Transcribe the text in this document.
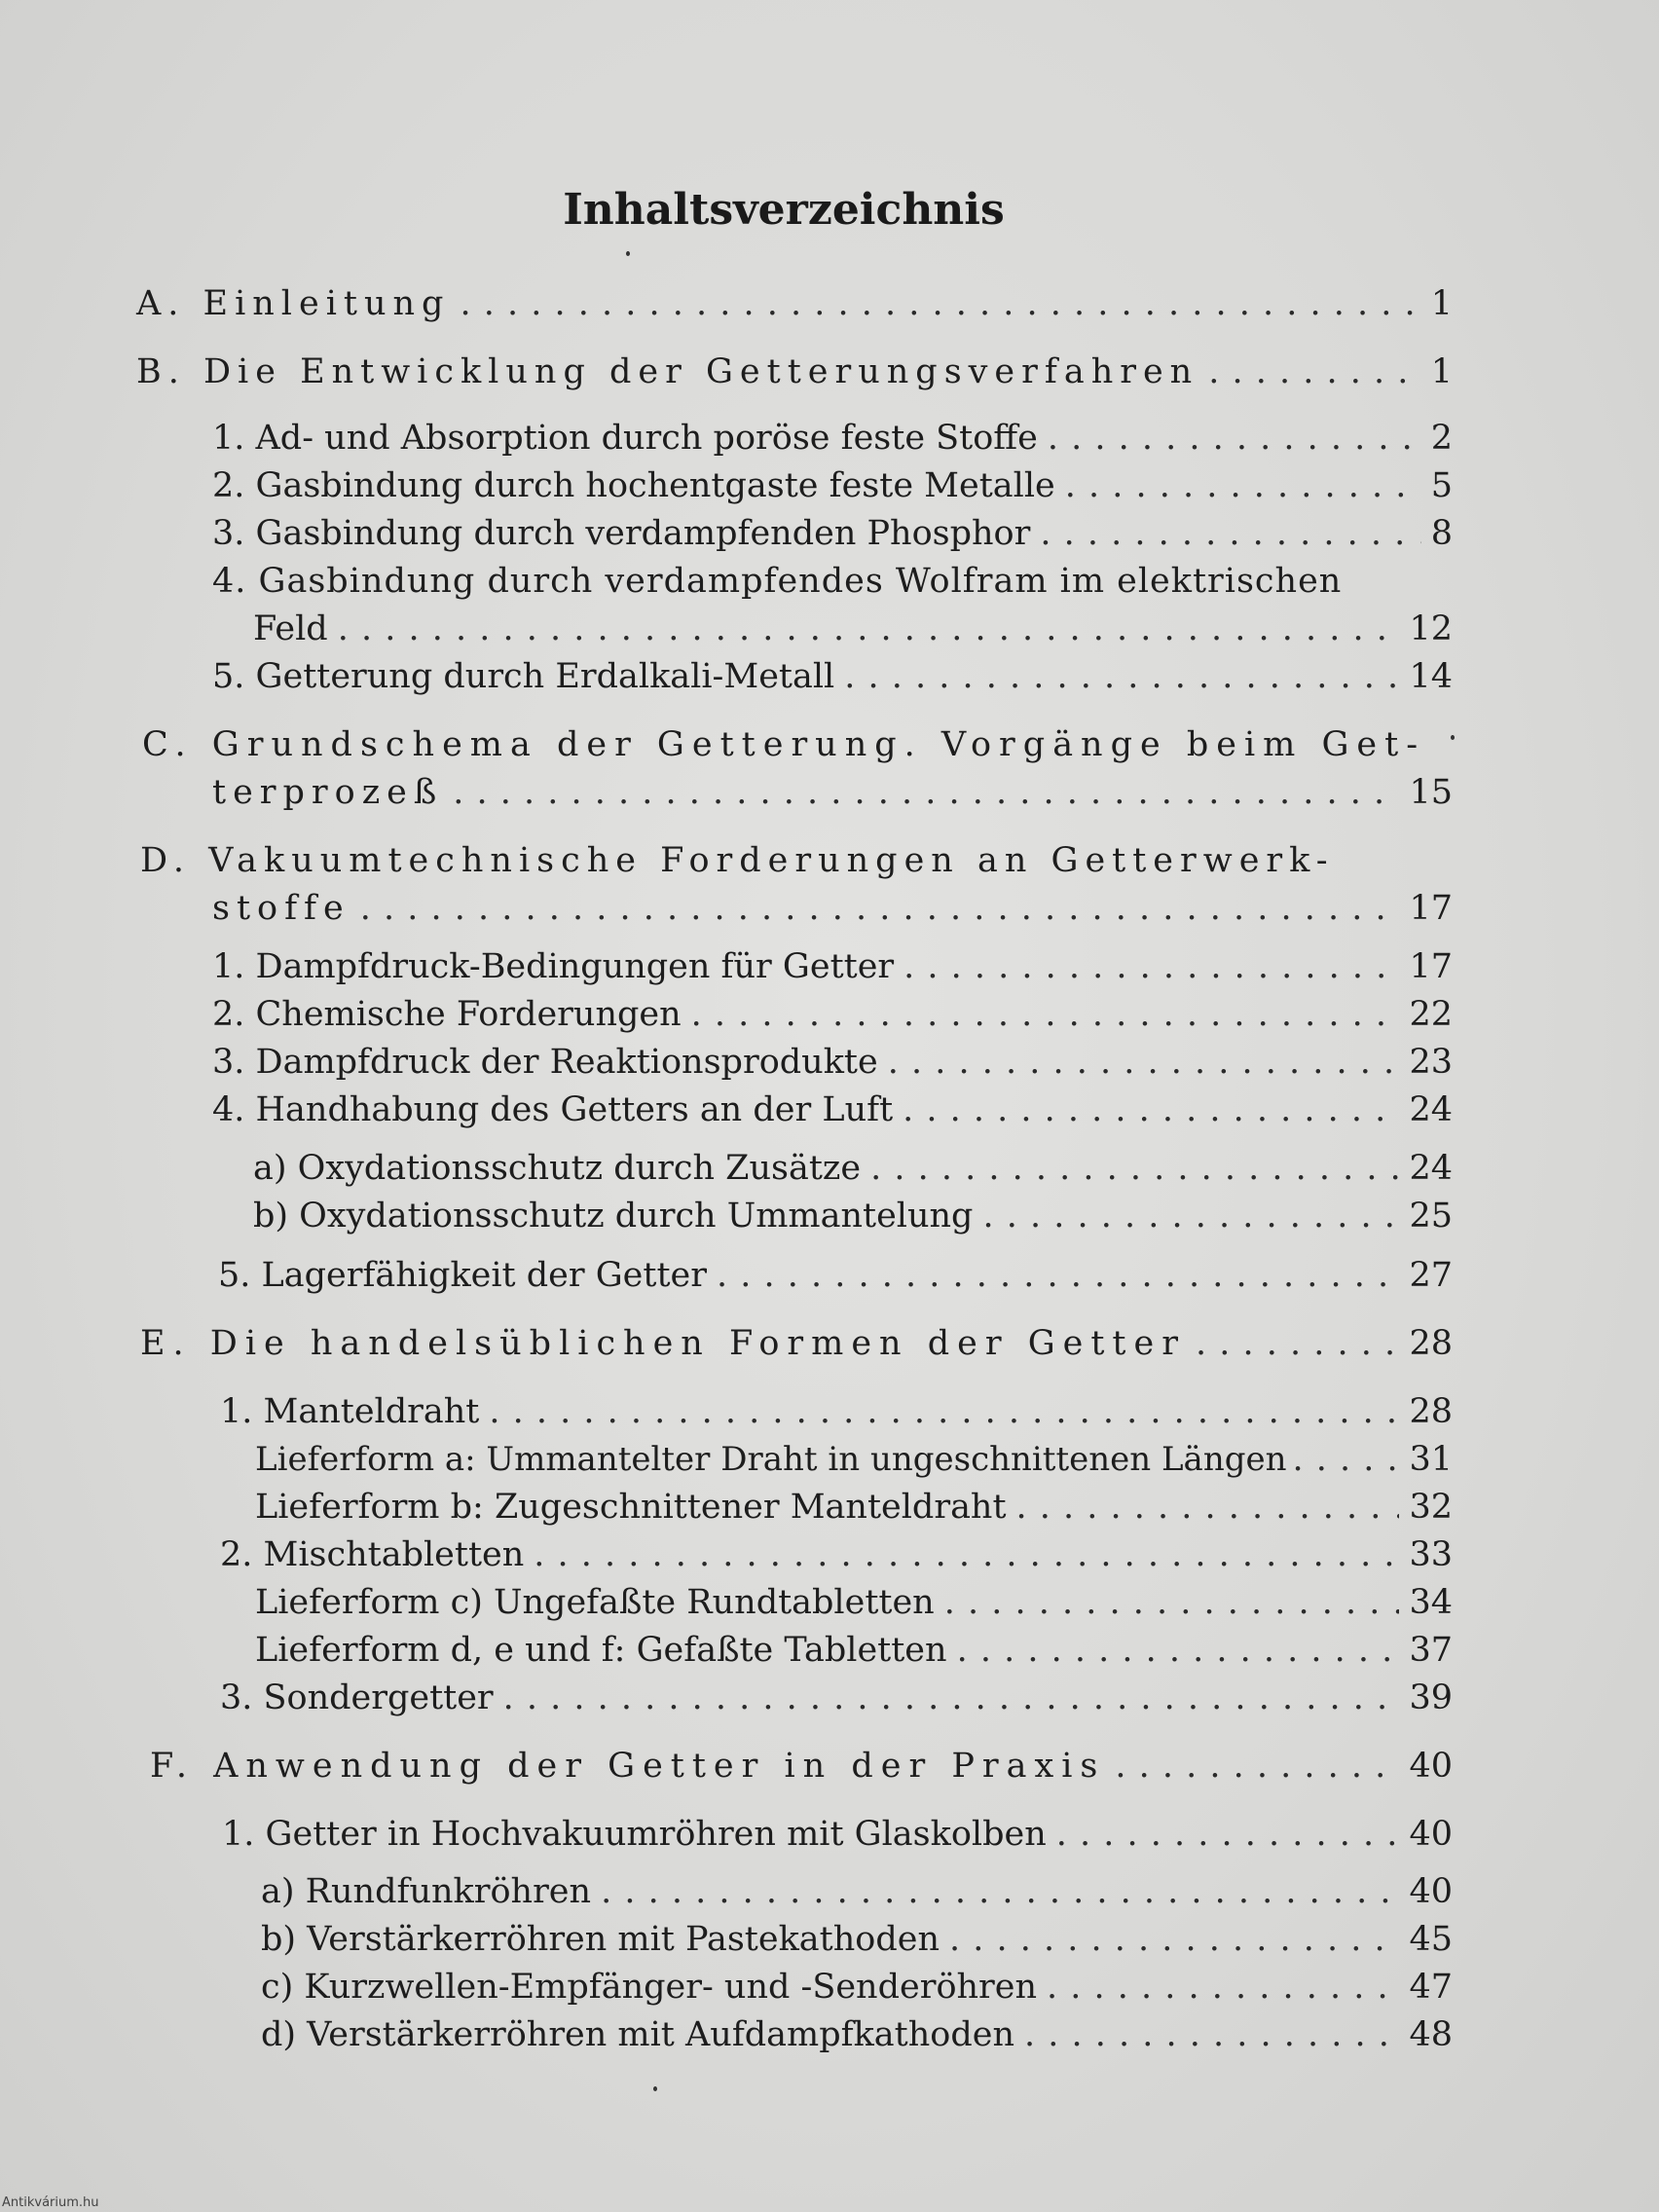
Inhaltsverzeichnis
A. Einleitung . . .	1
B. Die Entwicklung der Getterungsverfahren . . .	1
1. Ad- und Absorption durch poröse feste Stoffe . . .	2
2. Gasbindung durch hochentgaste feste Metalle . . .	5
3. Gasbindung durch verdampfenden Phosphor . . .	8
4. Gasbindung durch verdampfendes Wolfram im elektrischen
Feld . . .	12
5. Getterung durch Erdalkali-Metall . . .	14
C. Grundschema der Getterung. Vorgänge beim Get-
terprozeß . . .	15
D. Vakuumtechnische Forderungen an Getterwerk-
stoffe . . .	17
1. Dampfdruck-Bedingungen für Getter . . .	17
2. Chemische Forderungen . . .	22
3. Dampfdruck der Reaktionsprodukte . . .	23
4. Handhabung des Getters an der Luft . . .	24
a) Oxydationsschutz durch Zusätze . . .	24
b) Oxydationsschutz durch Ummantelung . . .	25
5. Lagerfähigkeit der Getter . . .	27
E. Die handelsüblichen Formen der Getter . . .	28
1. Manteldraht . . .	28
Lieferform a: Ummantelter Draht in ungeschnittenen Längen . . .	31
Lieferform b: Zugeschnittener Manteldraht . . .	32
2. Mischtabletten . . .	33
Lieferform c) Ungefaßte Rundtabletten . . .	34
Lieferform d, e und f: Gefaßte Tabletten . . .	37
3. Sondergetter . . .	39
F. Anwendung der Getter in der Praxis . . .	40
1. Getter in Hochvakuumröhren mit Glaskolben . . .	40
a) Rundfunkröhren . . .	40
b) Verstärkerröhren mit Pastekathoden . . .	45
c) Kurzwellen-Empfänger- und -Senderöhren . . .	47
d) Verstärkerröhren mit Aufdampfkathoden . . .	48
Antikvárium.hu
